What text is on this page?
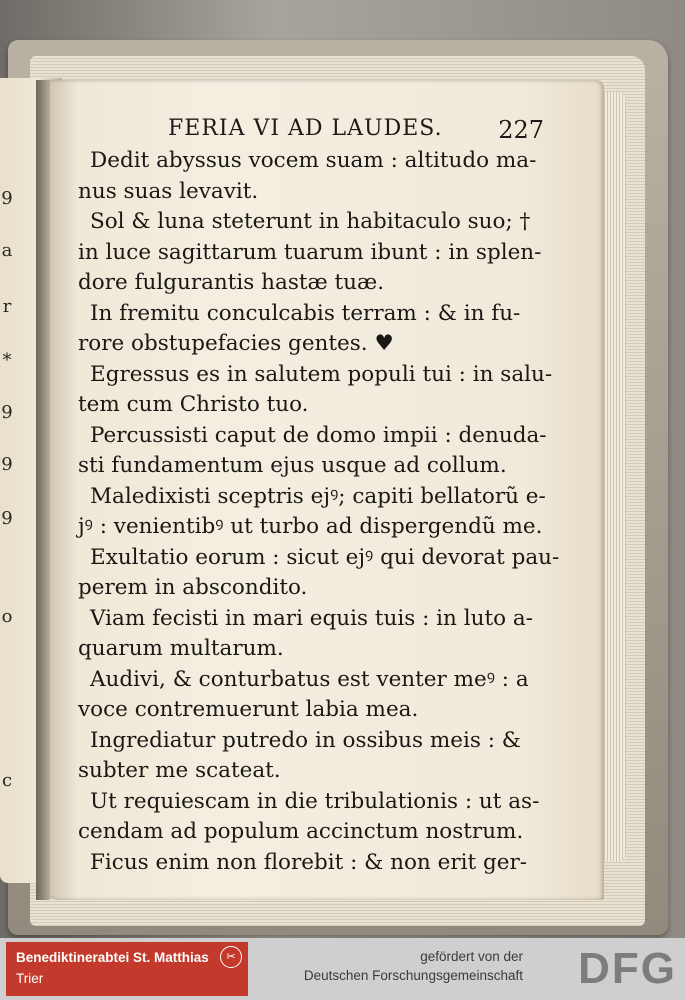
9
a
r
*
9
9
9
o
c
FERIA VI AD LAUDES. 227
Dedit abyssus vocem suam : altitudo ma-
nus suas levavit.
Sol & luna steterunt in habitaculo suo; †
in luce sagittarum tuarum ibunt : in splen-
dore fulgurantis hastæ tuæ.
In fremitu conculcabis terram : & in fu-
rore obstupefacies gentes. ♥
Egressus es in salutem populi tui : in salu-
tem cum Christo tuo.
Percussisti caput de domo impii : denuda-
sti fundamentum ejus usque ad collum.
Maledixisti sceptris ejꝰ; capiti bellatorũ e-
jꝰ : venientibꝰ ut turbo ad dispergendũ me.
Exultatio eorum : sicut ejꝰ qui devorat pau-
perem in abscondito.
Viam fecisti in mari equis tuis : in luto a-
quarum multarum.
Audivi, & conturbatus est venter meꝰ : a
voce contremuerunt labia mea.
Ingrediatur putredo in ossibus meis : &
subter me scateat.
Ut requiescam in die tribulationis : ut as-
cendam ad populum accinctum nostrum.
Ficus enim non florebit : & non erit ger-
Benediktinerabtei St. Matthias
Trier
✂	gefördert von der
Deutschen Forschungsgemeinschaft DFG
